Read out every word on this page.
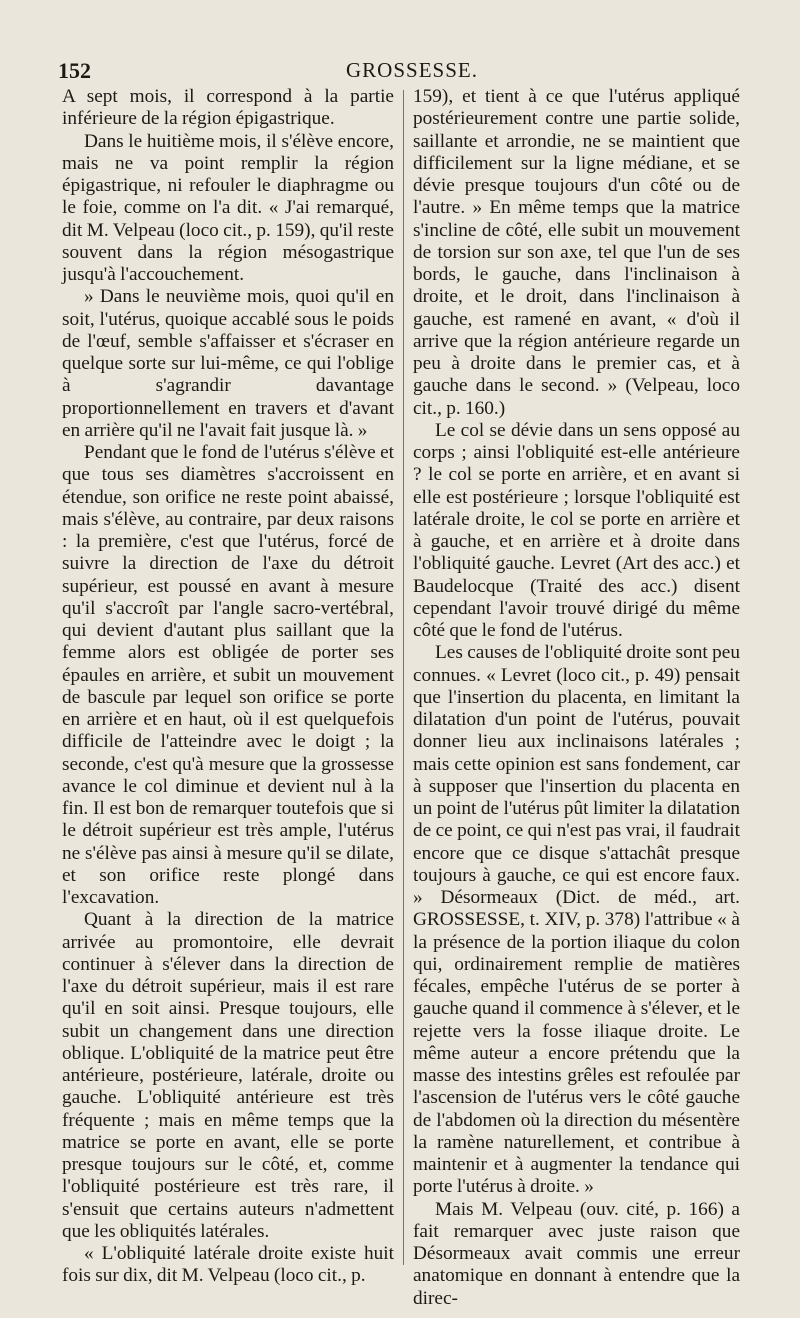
152	GROSSESSE.

A sept mois, il correspond à la partie inférieure de la région épigastrique.

Dans le huitième mois, il s'élève encore, mais ne va point remplir la région épigastrique, ni refouler le diaphragme ou le foie, comme on l'a dit. « J'ai remarqué, dit M. Velpeau (loco cit., p. 159), qu'il reste souvent dans la région mésogastrique jusqu'à l'accouchement.

» Dans le neuvième mois, quoi qu'il en soit, l'utérus, quoique accablé sous le poids de l'œuf, semble s'affaisser et s'écraser en quelque sorte sur lui-même, ce qui l'oblige à s'agrandir davantage proportionnellement en travers et d'avant en arrière qu'il ne l'avait fait jusque là. »

Pendant que le fond de l'utérus s'élève et que tous ses diamètres s'accroissent en étendue, son orifice ne reste point abaissé, mais s'élève, au contraire, par deux raisons : la première, c'est que l'utérus, forcé de suivre la direction de l'axe du détroit supérieur, est poussé en avant à mesure qu'il s'accroît par l'angle sacro-vertébral, qui devient d'autant plus saillant que la femme alors est obligée de porter ses épaules en arrière, et subit un mouvement de bascule par lequel son orifice se porte en arrière et en haut, où il est quelquefois difficile de l'atteindre avec le doigt ; la seconde, c'est qu'à mesure que la grossesse avance le col diminue et devient nul à la fin. Il est bon de remarquer toutefois que si le détroit supérieur est très ample, l'utérus ne s'élève pas ainsi à mesure qu'il se dilate, et son orifice reste plongé dans l'excavation.

Quant à la direction de la matrice arrivée au promontoire, elle devrait continuer à s'élever dans la direction de l'axe du détroit supérieur, mais il est rare qu'il en soit ainsi. Presque toujours, elle subit un changement dans une direction oblique. L'obliquité de la matrice peut être antérieure, postérieure, latérale, droite ou gauche. L'obliquité antérieure est très fréquente ; mais en même temps que la matrice se porte en avant, elle se porte presque toujours sur le côté, et, comme l'obliquité postérieure est très rare, il s'ensuit que certains auteurs n'admettent que les obliquités latérales.

« L'obliquité latérale droite existe huit fois sur dix, dit M. Velpeau (loco cit., p.

159), et tient à ce que l'utérus appliqué postérieurement contre une partie solide, saillante et arrondie, ne se maintient que difficilement sur la ligne médiane, et se dévie presque toujours d'un côté ou de l'autre. » En même temps que la matrice s'incline de côté, elle subit un mouvement de torsion sur son axe, tel que l'un de ses bords, le gauche, dans l'inclinaison à droite, et le droit, dans l'inclinaison à gauche, est ramené en avant, « d'où il arrive que la région antérieure regarde un peu à droite dans le premier cas, et à gauche dans le second. » (Velpeau, loco cit., p. 160.)

Le col se dévie dans un sens opposé au corps ; ainsi l'obliquité est-elle antérieure ? le col se porte en arrière, et en avant si elle est postérieure ; lorsque l'obliquité est latérale droite, le col se porte en arrière et à gauche, et en arrière et à droite dans l'obliquité gauche. Levret (Art des acc.) et Baudelocque (Traité des acc.) disent cependant l'avoir trouvé dirigé du même côté que le fond de l'utérus.

Les causes de l'obliquité droite sont peu connues. « Levret (loco cit., p. 49) pensait que l'insertion du placenta, en limitant la dilatation d'un point de l'utérus, pouvait donner lieu aux inclinaisons latérales ; mais cette opinion est sans fondement, car à supposer que l'insertion du placenta en un point de l'utérus pût limiter la dilatation de ce point, ce qui n'est pas vrai, il faudrait encore que ce disque s'attachât presque toujours à gauche, ce qui est encore faux. » Désormeaux (Dict. de méd., art. GROSSESSE, t. XIV, p. 378) l'attribue « à la présence de la portion iliaque du colon qui, ordinairement remplie de matières fécales, empêche l'utérus de se porter à gauche quand il commence à s'élever, et le rejette vers la fosse iliaque droite. Le même auteur a encore prétendu que la masse des intestins grêles est refoulée par l'ascension de l'utérus vers le côté gauche de l'abdomen où la direction du mésentère la ramène naturellement, et contribue à maintenir et à augmenter la tendance qui porte l'utérus à droite. »

Mais M. Velpeau (ouv. cité, p. 166) a fait remarquer avec juste raison que Désormeaux avait commis une erreur anatomique en donnant à entendre que la direc-
